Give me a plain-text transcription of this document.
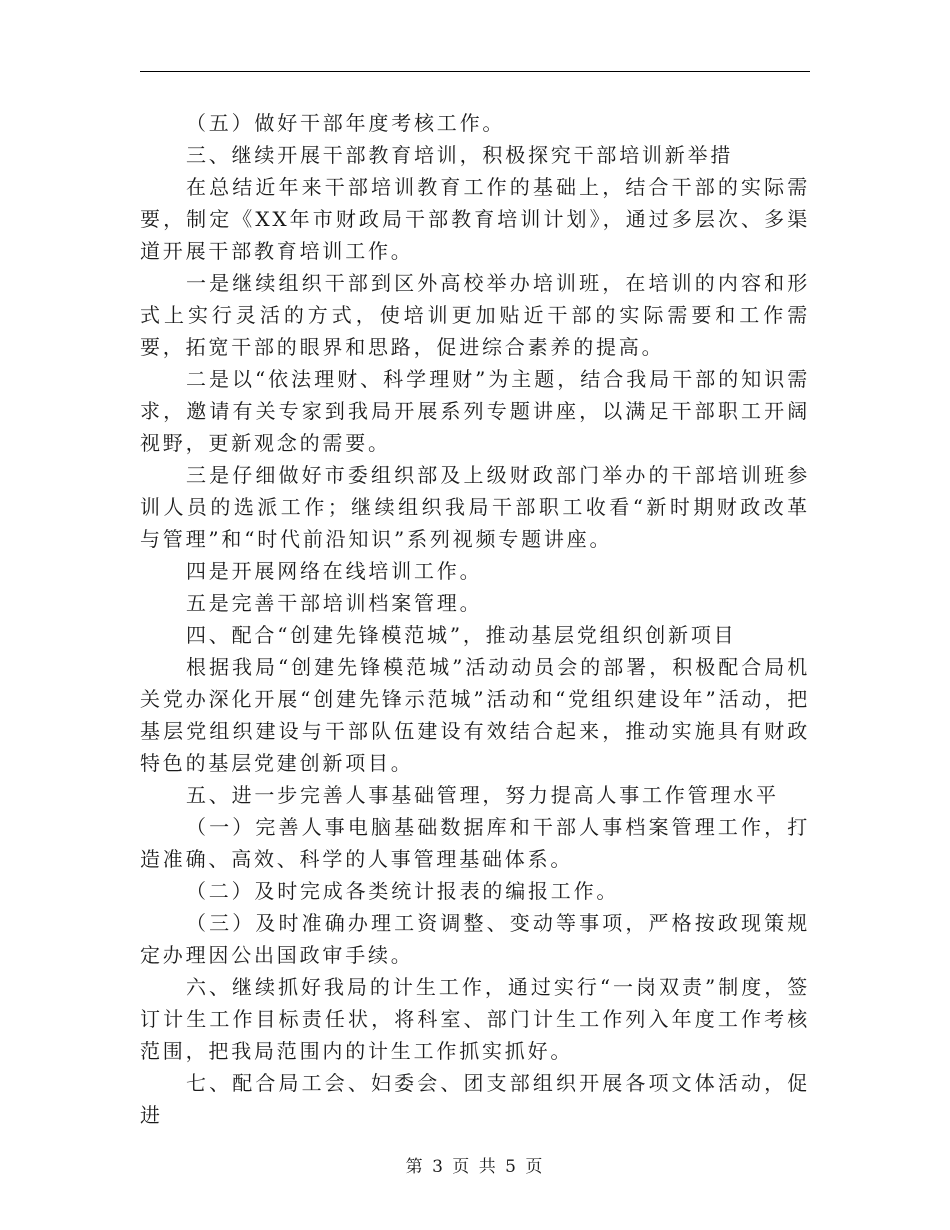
（五）做好干部年度考核工作。

三、继续开展干部教育培训，积极探究干部培训新举措

在总结近年来干部培训教育工作的基础上，结合干部的实际需要，制定《XX年市财政局干部教育培训计划》，通过多层次、多渠道开展干部教育培训工作。

一是继续组织干部到区外高校举办培训班，在培训的内容和形式上实行灵活的方式，使培训更加贴近干部的实际需要和工作需要，拓宽干部的眼界和思路，促进综合素养的提高。

二是以“依法理财、科学理财”为主题，结合我局干部的知识需求，邀请有关专家到我局开展系列专题讲座，以满足干部职工开阔视野，更新观念的需要。

三是仔细做好市委组织部及上级财政部门举办的干部培训班参训人员的选派工作；继续组织我局干部职工收看“新时期财政改革与管理”和“时代前沿知识”系列视频专题讲座。

四是开展网络在线培训工作。

五是完善干部培训档案管理。

四、配合“创建先锋模范城”，推动基层党组织创新项目

根据我局“创建先锋模范城”活动动员会的部署，积极配合局机关党办深化开展“创建先锋示范城”活动和“党组织建设年”活动，把基层党组织建设与干部队伍建设有效结合起来，推动实施具有财政特色的基层党建创新项目。

五、进一步完善人事基础管理，努力提高人事工作管理水平

（一）完善人事电脑基础数据库和干部人事档案管理工作，打造准确、高效、科学的人事管理基础体系。

（二）及时完成各类统计报表的编报工作。

（三）及时准确办理工资调整、变动等事项，严格按政现策规定办理因公出国政审手续。

六、继续抓好我局的计生工作，通过实行“一岗双责”制度，签订计生工作目标责任状，将科室、部门计生工作列入年度工作考核范围，把我局范围内的计生工作抓实抓好。

七、配合局工会、妇委会、团支部组织开展各项文体活动，促进

第 3 页 共 5 页
